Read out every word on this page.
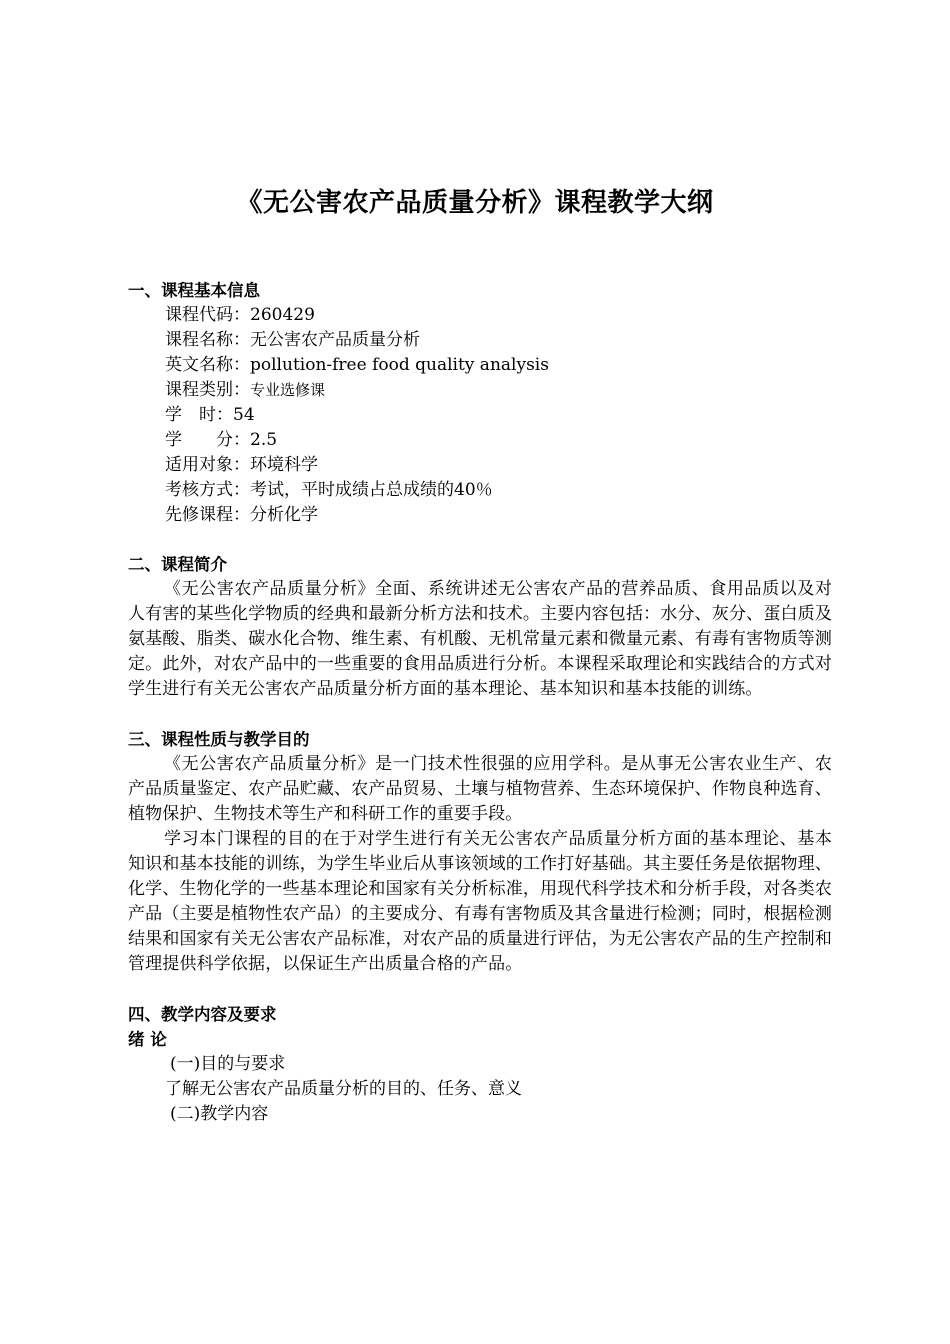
《无公害农产品质量分析》课程教学大纲
一、课程基本信息
课程代码：260429
课程名称：无公害农产品质量分析
英文名称：pollution-free food quality analysis
课程类别：专业选修课
学　时：54
学　　分：2.5
适用对象：环境科学
考核方式：考试，平时成绩占总成绩的40％
先修课程：分析化学
二、课程简介

《无公害农产品质量分析》全面、系统讲述无公害农产品的营养品质、食用品质以及对人有害的某些化学物质的经典和最新分析方法和技术。主要内容包括：水分、灰分、蛋白质及氨基酸、脂类、碳水化合物、维生素、有机酸、无机常量元素和微量元素、有毒有害物质等测定。此外，对农产品中的一些重要的食用品质进行分析。本课程采取理论和实践结合的方式对学生进行有关无公害农产品质量分析方面的基本理论、基本知识和基本技能的训练。

三、课程性质与教学目的

《无公害农产品质量分析》是一门技术性很强的应用学科。是从事无公害农业生产、农产品质量鉴定、农产品贮藏、农产品贸易、土壤与植物营养、生态环境保护、作物良种选育、植物保护、生物技术等生产和科研工作的重要手段。

学习本门课程的目的在于对学生进行有关无公害农产品质量分析方面的基本理论、基本知识和基本技能的训练，为学生毕业后从事该领域的工作打好基础。其主要任务是依据物理、化学、生物化学的一些基本理论和国家有关分析标准，用现代科学技术和分析手段，对各类农产品（主要是植物性农产品）的主要成分、有毒有害物质及其含量进行检测；同时，根据检测结果和国家有关无公害农产品标准，对农产品的质量进行评估，为无公害农产品的生产控制和管理提供科学依据，以保证生产出质量合格的产品。

四、教学内容及要求
绪 论
(一)目的与要求
了解无公害农产品质量分析的目的、任务、意义
(二)教学内容
